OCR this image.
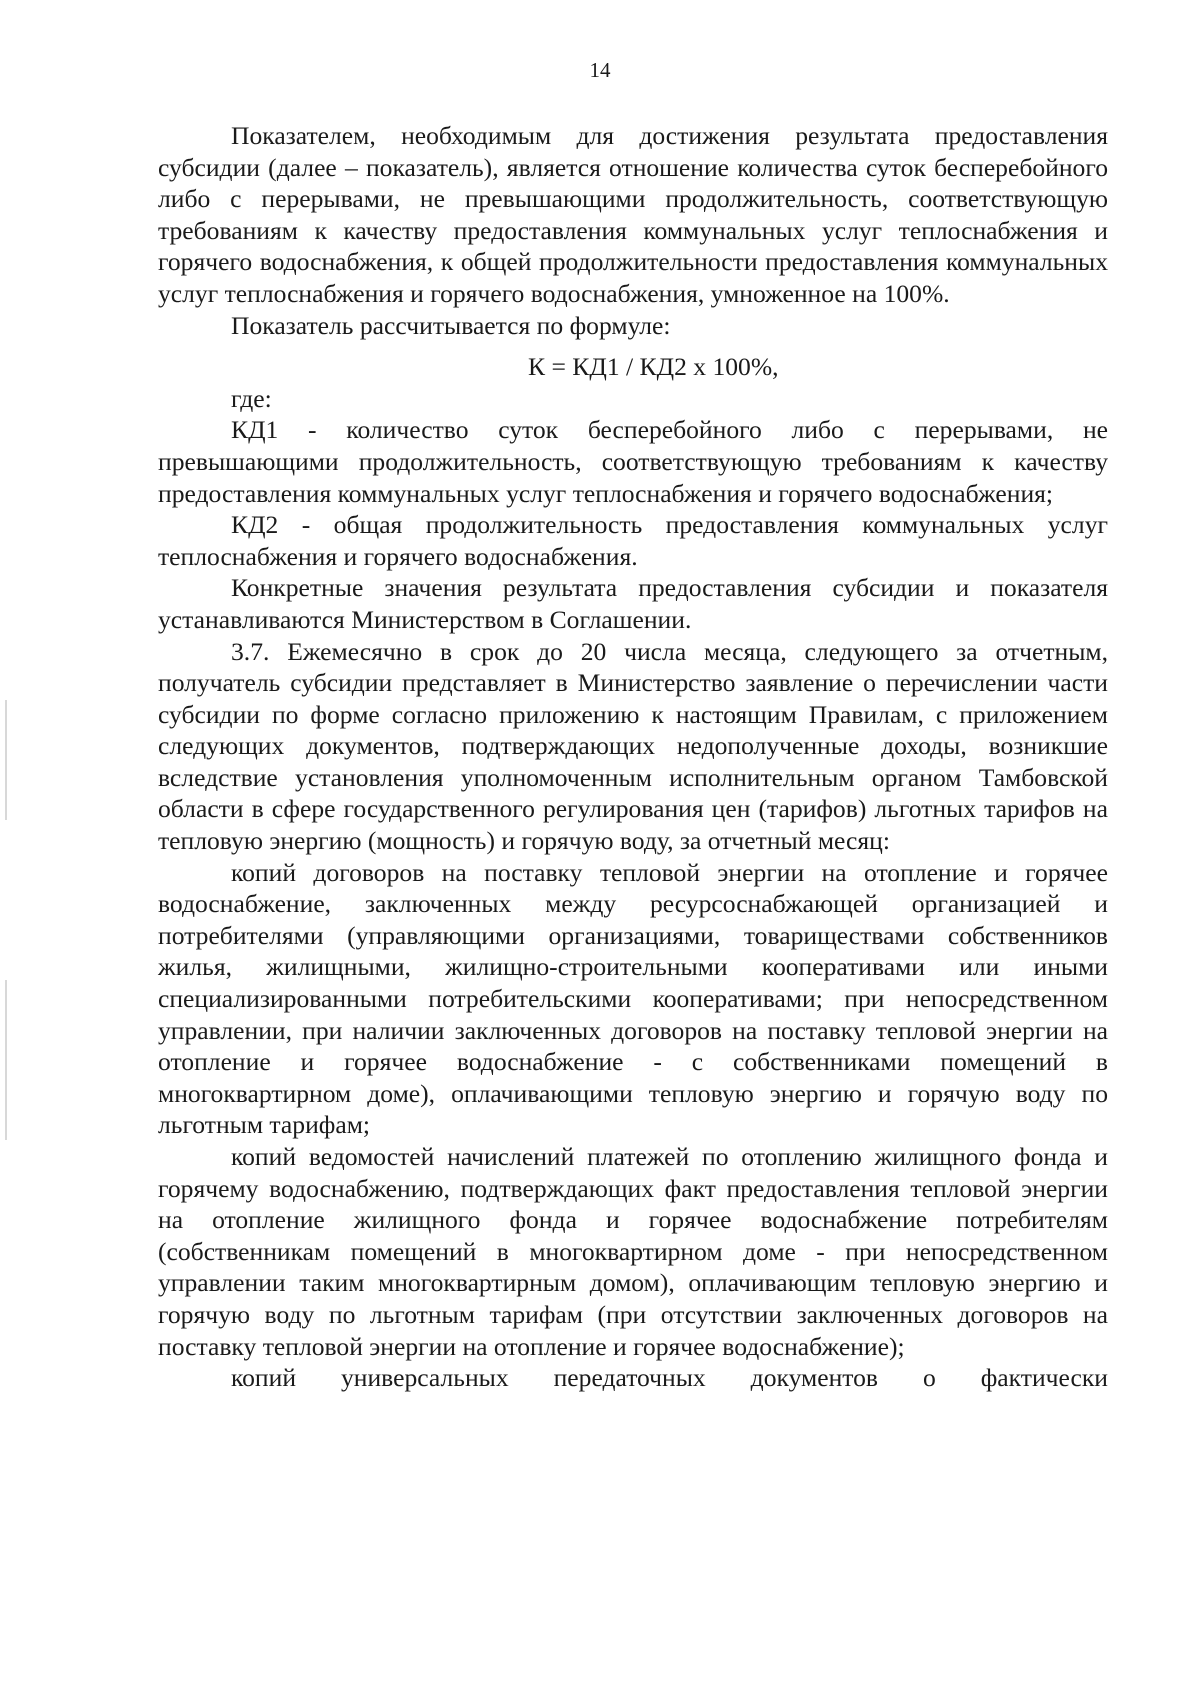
14

Показателем, необходимым для достижения результата предоставления субсидии (далее – показатель), является отношение количества суток бесперебойного либо с перерывами, не превышающими продолжительность, соответствующую требованиям к качеству предоставления коммунальных услуг теплоснабжения и горячего водоснабжения, к общей продолжительности предоставления коммунальных услуг теплоснабжения и горячего водоснабжения, умноженное на 100%.

Показатель рассчитывается по формуле:

К = КД1 / КД2 х 100%,

где:

КД1 - количество суток бесперебойного либо с перерывами, не превышающими продолжительность, соответствующую требованиям к качеству предоставления коммунальных услуг теплоснабжения и горячего водоснабжения;

КД2 - общая продолжительность предоставления коммунальных услуг теплоснабжения и горячего водоснабжения.

Конкретные значения результата предоставления субсидии и показателя устанавливаются Министерством в Соглашении.

3.7. Ежемесячно в срок до 20 числа месяца, следующего за отчетным, получатель субсидии представляет в Министерство заявление о перечислении части субсидии по форме согласно приложению к настоящим Правилам, с приложением следующих документов, подтверждающих недополученные доходы, возникшие вследствие установления уполномоченным исполнительным органом Тамбовской области в сфере государственного регулирования цен (тарифов) льготных тарифов на тепловую энергию (мощность) и горячую воду, за отчетный месяц:

копий договоров на поставку тепловой энергии на отопление и горячее водоснабжение, заключенных между ресурсоснабжающей организацией и потребителями (управляющими организациями, товариществами собственников жилья, жилищными, жилищно-строительными кооперативами или иными специализированными потребительскими кооперативами; при непосредственном управлении, при наличии заключенных договоров на поставку тепловой энергии на отопление и горячее водоснабжение - с собственниками помещений в многоквартирном доме), оплачивающими тепловую энергию и горячую воду по льготным тарифам;

копий ведомостей начислений платежей по отоплению жилищного фонда и горячему водоснабжению, подтверждающих факт предоставления тепловой энергии на отопление жилищного фонда и горячее водоснабжение потребителям (собственникам помещений в многоквартирном доме - при непосредственном управлении таким многоквартирным домом), оплачивающим тепловую энергию и горячую воду по льготным тарифам (при отсутствии заключенных договоров на поставку тепловой энергии на отопление и горячее водоснабжение);

копий универсальных передаточных документов о фактически
